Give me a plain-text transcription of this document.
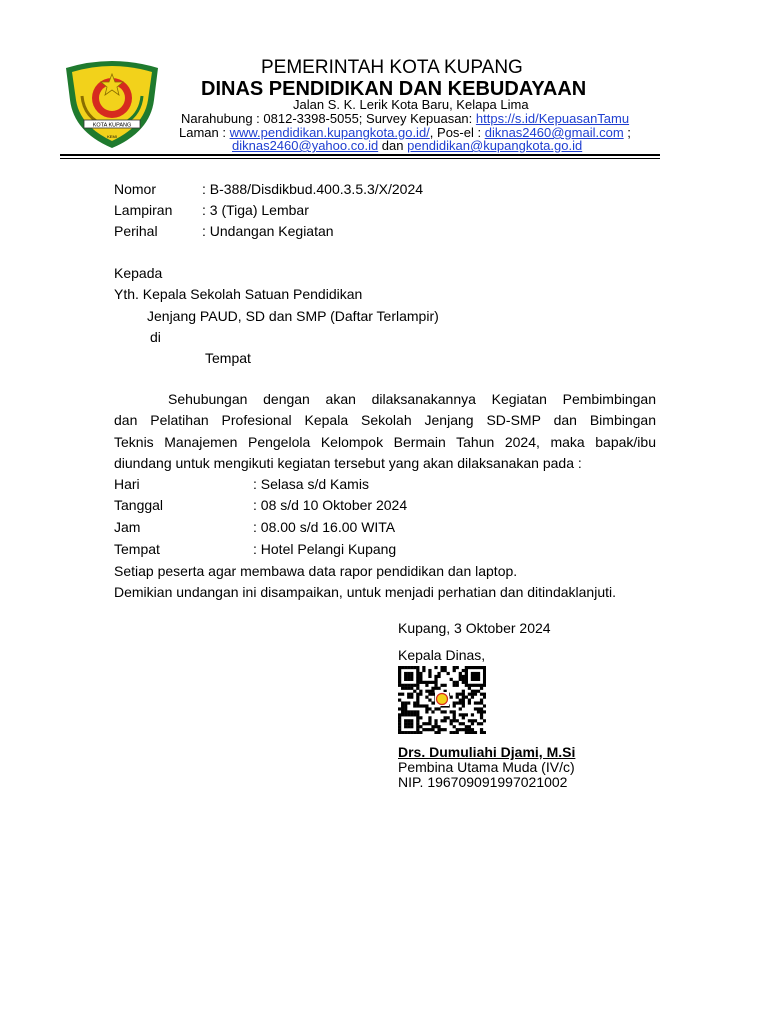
KOTA KUPANG
KEMI
PEMERINTAH KOTA KUPANG
DINAS PENDIDIKAN DAN KEBUDAYAAN
Jalan S. K. Lerik Kota Baru, Kelapa Lima
Narahubung : 0812-3398-5055; Survey Kepuasan: https://s.id/KepuasanTamu
Laman : www.pendidikan.kupangkota.go.id/, Pos-el : diknas2460@gmail.com ;
diknas2460@yahoo.co.id dan pendidikan@kupangkota.go.id
Nomor	: B-388/Disdikbud.400.3.5.3/X/2024
Lampiran : 3 (Tiga) Lembar
Perihal	: Undangan Kegiatan
Kepada
Yth. Kepala Sekolah Satuan Pendidikan
Jenjang PAUD, SD dan SMP (Daftar Terlampir)
di
Tempat
Sehubungan dengan akan dilaksanakannya Kegiatan Pembimbingan
dan Pelatihan Profesional Kepala Sekolah Jenjang SD-SMP dan Bimbingan
Teknis Manajemen Pengelola Kelompok Bermain Tahun 2024, maka bapak/ibu
diundang untuk mengikuti kegiatan tersebut yang akan dilaksanakan pada :
Hari	: Selasa s/d Kamis
Tanggal	: 08 s/d 10 Oktober 2024
Jam	: 08.00 s/d 16.00 WITA
Tempat	: Hotel Pelangi Kupang
Setiap peserta agar membawa data rapor pendidikan dan laptop.
Demikian undangan ini disampaikan, untuk menjadi perhatian dan ditindaklanjuti.
Kupang, 3 Oktober 2024
Kepala Dinas,
Drs. Dumuliahi Djami, M.Si
Pembina Utama Muda (IV/c)
NIP. 196709091997021002
